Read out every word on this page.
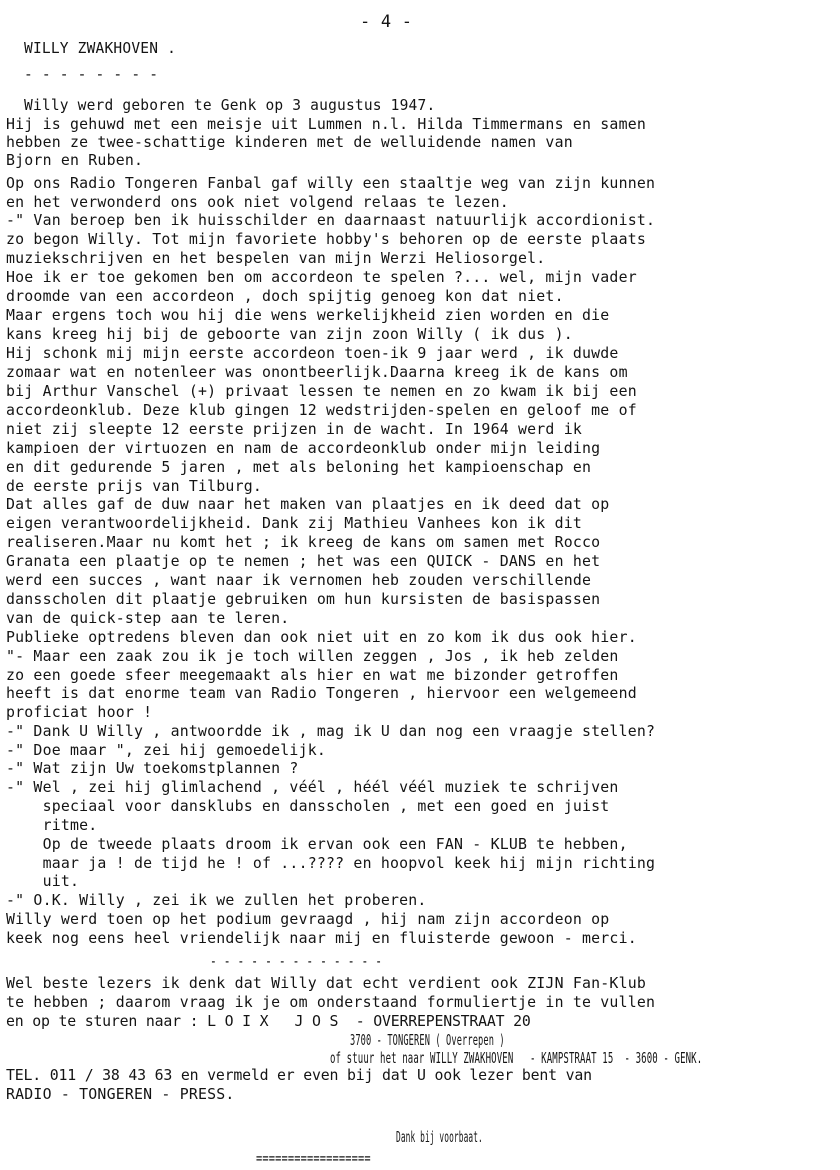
- 4 -
WILLY ZWAKHOVEN .
- - - - - - - -
Willy werd geboren te Genk op 3 augustus 1947.
Hij is gehuwd met een meisje uit Lummen n.l. Hilda Timmermans en samen
hebben ze twee-schattige kinderen met de welluidende namen van
Bjorn en Ruben.
Op ons Radio Tongeren Fanbal gaf willy een staaltje weg van zijn kunnen
en het verwonderd ons ook niet volgend relaas te lezen.
-" Van beroep ben ik huisschilder en daarnaast natuurlijk accordionist.
zo begon Willy. Tot mijn favoriete hobby's behoren op de eerste plaats
muziekschrijven en het bespelen van mijn Werzi Heliosorgel.
Hoe ik er toe gekomen ben om accordeon te spelen ?... wel, mijn vader
droomde van een accordeon , doch spijtig genoeg kon dat niet.
Maar ergens toch wou hij die wens werkelijkheid zien worden en die
kans kreeg hij bij de geboorte van zijn zoon Willy ( ik dus ).
Hij schonk mij mijn eerste accordeon toen-ik 9 jaar werd , ik duwde
zomaar wat en notenleer was onontbeerlijk.Daarna kreeg ik de kans om
bij Arthur Vanschel (+) privaat lessen te nemen en zo kwam ik bij een
accordeonklub. Deze klub gingen 12 wedstrijden-spelen en geloof me of
niet zij sleepte 12 eerste prijzen in de wacht. In 1964 werd ik
kampioen der virtuozen en nam de accordeonklub onder mijn leiding
en dit gedurende 5 jaren , met als beloning het kampioenschap en
de eerste prijs van Tilburg.
Dat alles gaf de duw naar het maken van plaatjes en ik deed dat op
eigen verantwoordelijkheid. Dank zij Mathieu Vanhees kon ik dit
realiseren.Maar nu komt het ; ik kreeg de kans om samen met Rocco
Granata een plaatje op te nemen ; het was een QUICK - DANS en het
werd een succes , want naar ik vernomen heb zouden verschillende
dansscholen dit plaatje gebruiken om hun kursisten de basispassen
van de quick-step aan te leren.
Publieke optredens bleven dan ook niet uit en zo kom ik dus ook hier.
"- Maar een zaak zou ik je toch willen zeggen , Jos , ik heb zelden
zo een goede sfeer meegemaakt als hier en wat me bizonder getroffen
heeft is dat enorme team van Radio Tongeren , hiervoor een welgemeend
proficiat hoor !
-" Dank U Willy , antwoordde ik , mag ik U dan nog een vraagje stellen?
-" Doe maar ", zei hij gemoedelijk.
-" Wat zijn Uw toekomstplannen ?
-" Wel , zei hij glimlachend , véél , héél véél muziek te schrijven
speciaal voor dansklubs en dansscholen , met een goed en juist
ritme.
Op de tweede plaats droom ik ervan ook een FAN - KLUB te hebben,
maar ja ! de tijd he ! of ...???? en hoopvol keek hij mijn richting
uit.
-" O.K. Willy , zei ik we zullen het proberen.
Willy werd toen op het podium gevraagd , hij nam zijn accordeon op
keek nog eens heel vriendelijk naar mij en fluisterde gewoon - merci.
- - - - - - - - - - - - -
Wel beste lezers ik denk dat Willy dat echt verdient ook ZIJN Fan-Klub
te hebben ; daarom vraag ik je om onderstaand formuliertje in te vullen
en op te sturen naar : L O I X   J O S  - OVERREPENSTRAAT 20
3700 - TONGEREN ( Overrepen )
of stuur het naar WILLY ZWAKHOVEN   - KAMPSTRAAT 15  - 3600 - GENK.
TEL. 011 / 38 43 63 en vermeld er even bij dat U ook lezer bent van
RADIO - TONGEREN - PRESS.
Dank bij voorbaat.
==================
